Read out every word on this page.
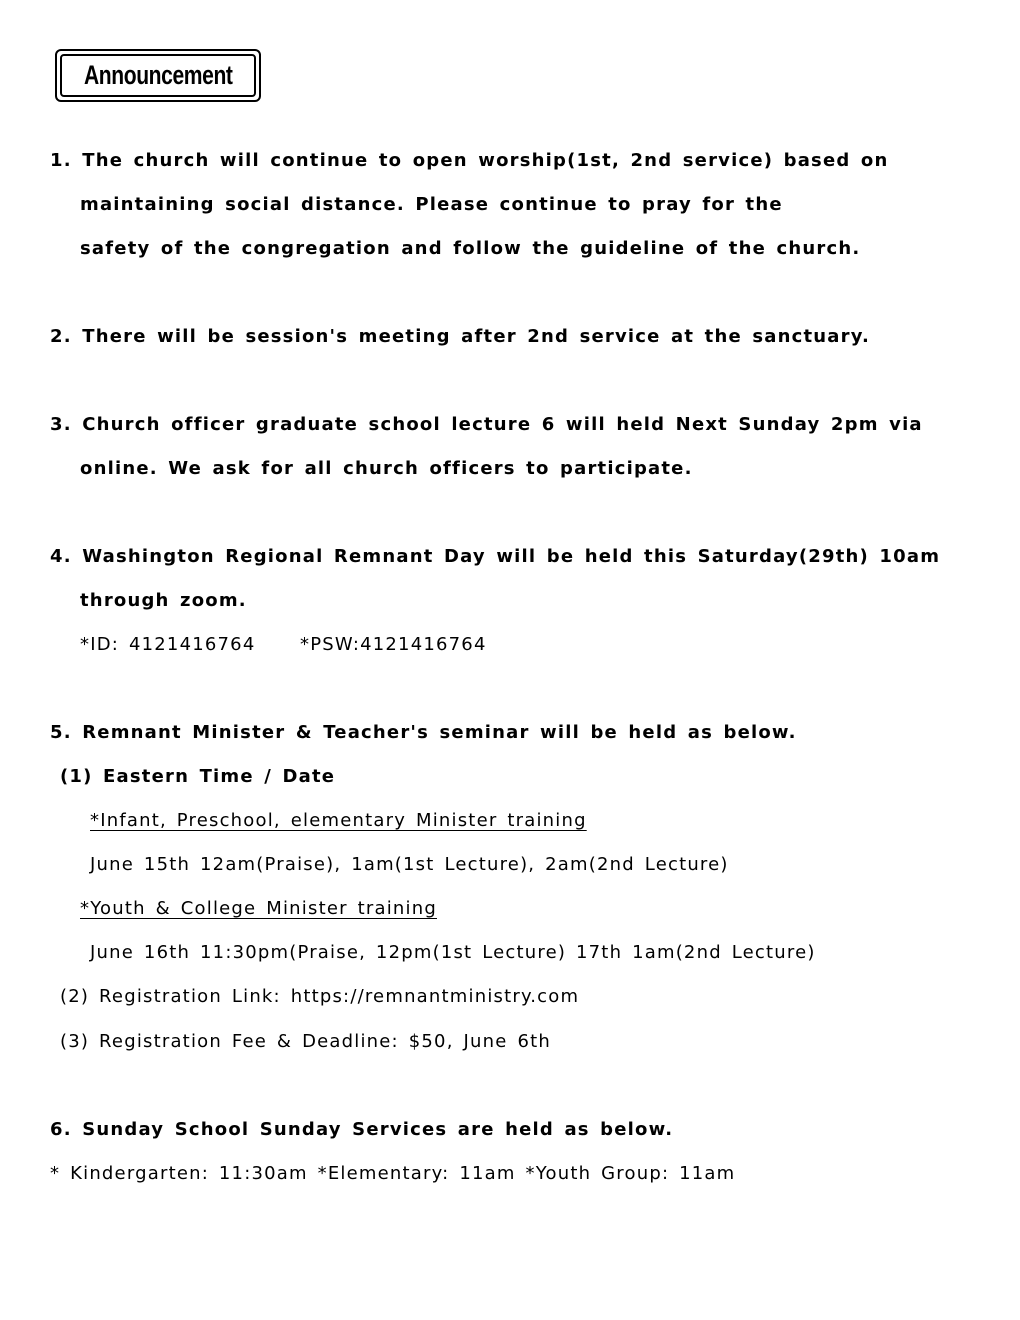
Announcement
1. The church will continue to open worship(1st, 2nd service) based on
maintaining social distance. Please continue to pray for the
safety of the congregation and follow the guideline of the church.
2. There will be session's meeting after 2nd service at the sanctuary.
3. Church officer graduate school lecture 6 will held Next Sunday 2pm via
online. We ask for all church officers to participate.
4. Washington Regional Remnant Day will be held this Saturday(29th) 10am
through zoom.
*ID: 4121416764 *PSW:4121416764
5. Remnant Minister & Teacher's seminar will be held as below.
(1) Eastern Time / Date
*Infant, Preschool, elementary Minister training
June 15th 12am(Praise), 1am(1st Lecture), 2am(2nd Lecture)
*Youth & College Minister training
June 16th 11:30pm(Praise, 12pm(1st Lecture) 17th 1am(2nd Lecture)
(2) Registration Link: https://remnantministry.com
(3) Registration Fee & Deadline: $50, June 6th
6. Sunday School Sunday Services are held as below.
* Kindergarten: 11:30am *Elementary: 11am *Youth Group: 11am
